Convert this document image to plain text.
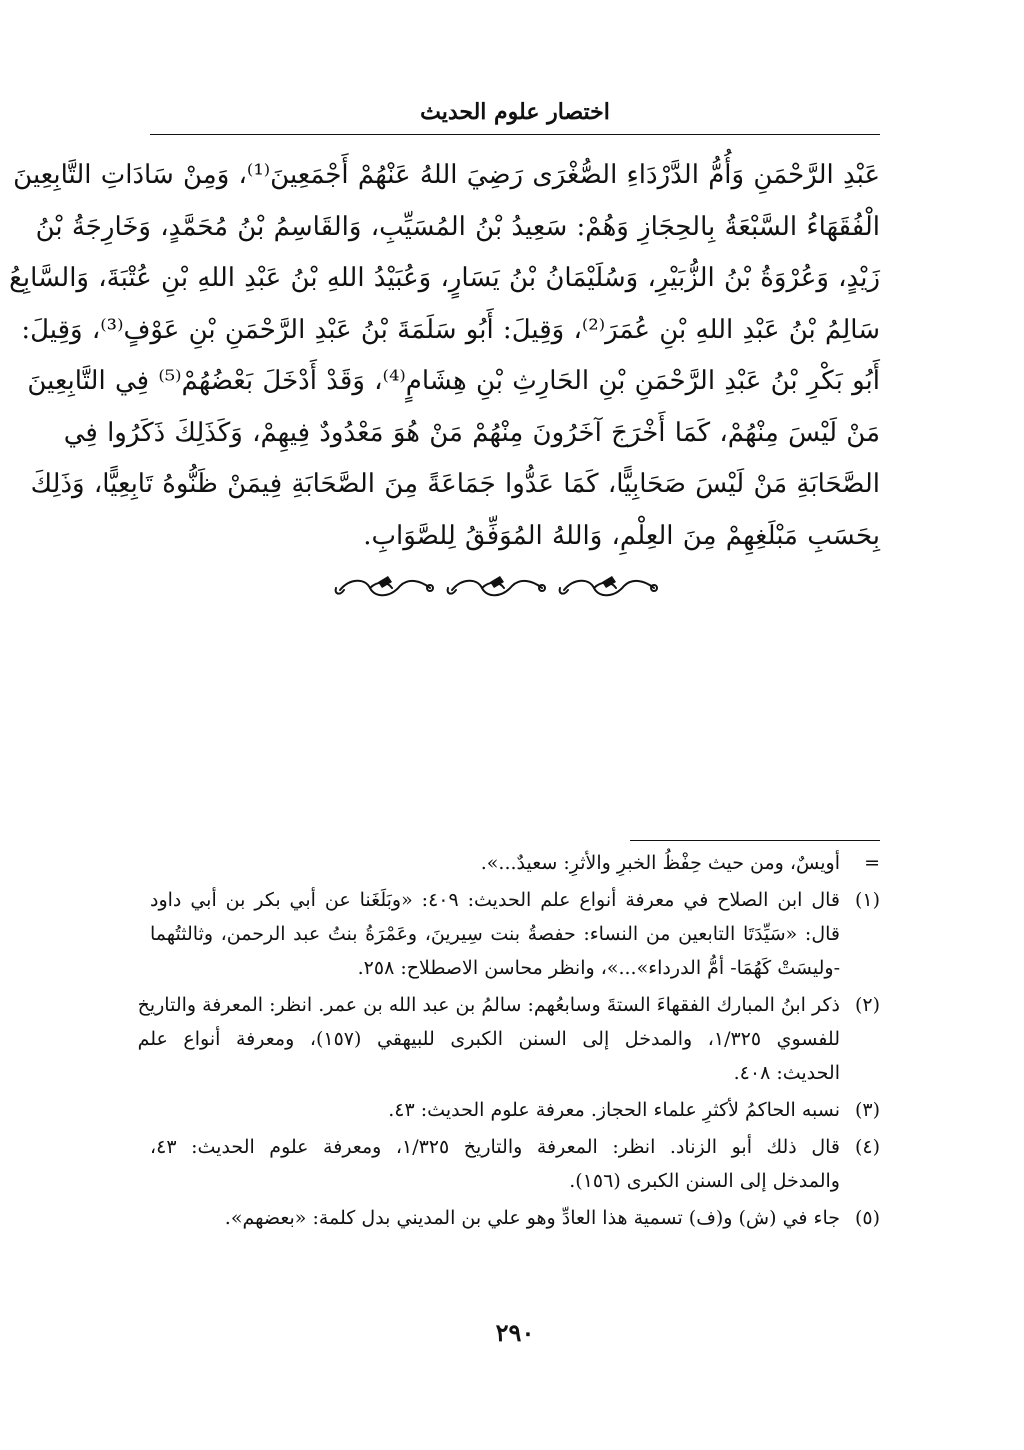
اختصار علوم الحديث
عَبْدِ الرَّحْمَنِ وَأُمُّ الدَّرْدَاءِ الصُّغْرَى رَضِيَ اللهُ عَنْهُمْ أَجْمَعِينَ⁽¹⁾، وَمِنْ سَادَاتِ التَّابِعِينَ
الْفُقَهَاءُ السَّبْعَةُ بِالحِجَازِ وَهُمْ: سَعِيدُ بْنُ المُسَيِّبِ، وَالقَاسِمُ بْنُ مُحَمَّدٍ، وَخَارِجَةُ بْنُ
زَيْدٍ، وَعُرْوَةُ بْنُ الزُّبَيْرِ، وَسُلَيْمَانُ بْنُ يَسَارٍ، وَعُبَيْدُ اللهِ بْنُ عَبْدِ اللهِ بْنِ عُتْبَةَ، وَالسَّابِعُ
سَالِمُ بْنُ عَبْدِ اللهِ بْنِ عُمَرَ⁽²⁾، وَقِيلَ: أَبُو سَلَمَةَ بْنُ عَبْدِ الرَّحْمَنِ بْنِ عَوْفٍ⁽³⁾، وَقِيلَ:
أَبُو بَكْرِ بْنُ عَبْدِ الرَّحْمَنِ بْنِ الحَارِثِ بْنِ هِشَامٍ⁽⁴⁾، وَقَدْ أَدْخَلَ بَعْضُهُمْ⁽⁵⁾ فِي التَّابِعِينَ
مَنْ لَيْسَ مِنْهُمْ، كَمَا أَخْرَجَ آخَرُونَ مِنْهُمْ مَنْ هُوَ مَعْدُودٌ فِيهِمْ، وَكَذَلِكَ ذَكَرُوا فِي
الصَّحَابَةِ مَنْ لَيْسَ صَحَابِيًّا، كَمَا عَدُّوا جَمَاعَةً مِنَ الصَّحَابَةِ فِيمَنْ ظَنُّوهُ تَابِعِيًّا، وَذَلِكَ
بِحَسَبِ مَبْلَغِهِمْ مِنَ العِلْمِ، وَاللهُ المُوَفِّقُ لِلصَّوَابِ.
=
أويسٌ، ومن حيث حِفْظُ الخبرِ والأثرِ: سعيدٌ...».
(١)
قال ابن الصلاح في معرفة أنواع علم الحديث: ٤٠٩: «وبَلَغَنا عن أبي بكر بن أبي داود
قال: «سَيِّدَتَا التابعين من النساء: حفصةُ بنت سِيرينَ، وعَمْرَةُ بنتُ عبد الرحمن، وثالثتُهما
-وليسَتْ كَهُمَا- أمُّ الدرداء»...»، وانظر محاسن الاصطلاح: ٢٥٨.
(٢)
ذكر ابنُ المبارك الفقهاءَ الستةَ وسابعُهم: سالمُ بن عبد الله بن عمر. انظر: المعرفة والتاريخ
للفسوي ١/٣٢٥، والمدخل إلى السنن الكبرى للبيهقي (١٥٧)، ومعرفة أنواع علم
الحديث: ٤٠٨.
(٣)
نسبه الحاكمُ لأكثرِ علماء الحجاز. معرفة علوم الحديث: ٤٣.
(٤)
قال ذلك أبو الزناد. انظر: المعرفة والتاريخ ١/٣٢٥، ومعرفة علوم الحديث: ٤٣،
والمدخل إلى السنن الكبرى (١٥٦).
(٥)
جاء في (ش) و(ف) تسمية هذا العادِّ وهو علي بن المديني بدل كلمة: «بعضهم».
٢٩٠
